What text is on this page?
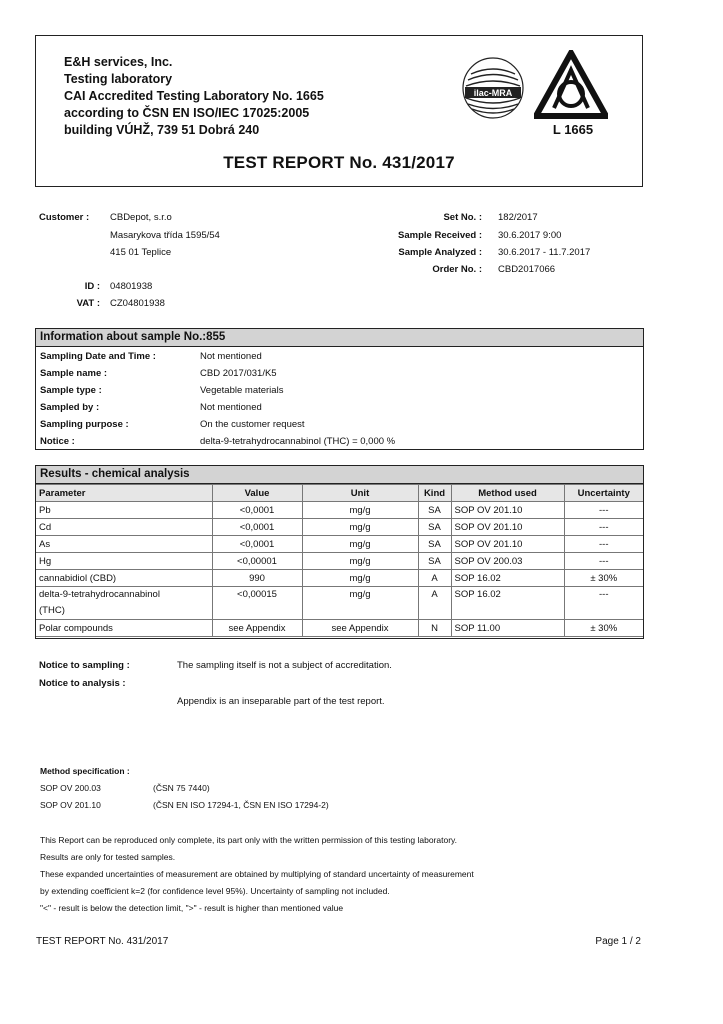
E&H services, Inc.
Testing laboratory
CAI Accredited Testing Laboratory No. 1665
according to ČSN EN ISO/IEC 17025:2005
building VÚHŽ, 739 51 Dobrá 240
ilac-MRA
L 1665
TEST REPORT No. 431/2017
Customer : CBDepot, s.r.o
Masarykova třída 1595/54
415 01 Teplice
ID : 04801938
VAT : CZ04801938
Set No. : 182/2017
Sample Received : 30.6.2017 9:00
Sample Analyzed : 30.6.2017 - 11.7.2017
Order No. : CBD2017066
Information about sample No.:855
Sampling Date and Time :	Not mentioned
Sample name :	CBD 2017/031/K5
Sample type :	Vegetable materials
Sampled by :	Not mentioned
Sampling purpose :	On the customer request
Notice :	delta-9-tetrahydrocannabinol (THC) = 0,000 %
Results - chemical analysis
Parameter	Value	Unit	Kind	Method used	Uncertainty
Pb	<0,0001	mg/g	SA	SOP OV 201.10	---
Cd	<0,0001	mg/g	SA	SOP OV 201.10	---
As	<0,0001	mg/g	SA	SOP OV 201.10	---
Hg	<0,00001	mg/g	SA	SOP OV 200.03	---
cannabidiol (CBD)	990	mg/g	A	SOP 16.02	± 30%
delta-9-tetrahydrocannabinol
(THC)	<0,00015	mg/g	A	SOP 16.02	---
Polar compounds	see Appendix	see Appendix	N	SOP 11.00	± 30%
Notice to sampling :	The sampling itself is not a subject of accreditation.
Notice to analysis :
Appendix is an inseparable part of the test report.
Method specification :
SOP OV 200.03	(ČSN 75 7440)
SOP OV 201.10	(ČSN EN ISO 17294-1, ČSN EN ISO 17294-2)
This Report can be reproduced only complete, its part only with the written permission of this testing laboratory.
Results are only for tested samples.
These expanded uncertainties of measurement are obtained by multiplying of standard uncertainty of measurement
by extending coefficient k=2 (for confidence level 95%). Uncertainty of sampling not included.
"<" - result is below the detection limit, ">" - result is higher than mentioned value
TEST REPORT No. 431/2017	Page 1 / 2
